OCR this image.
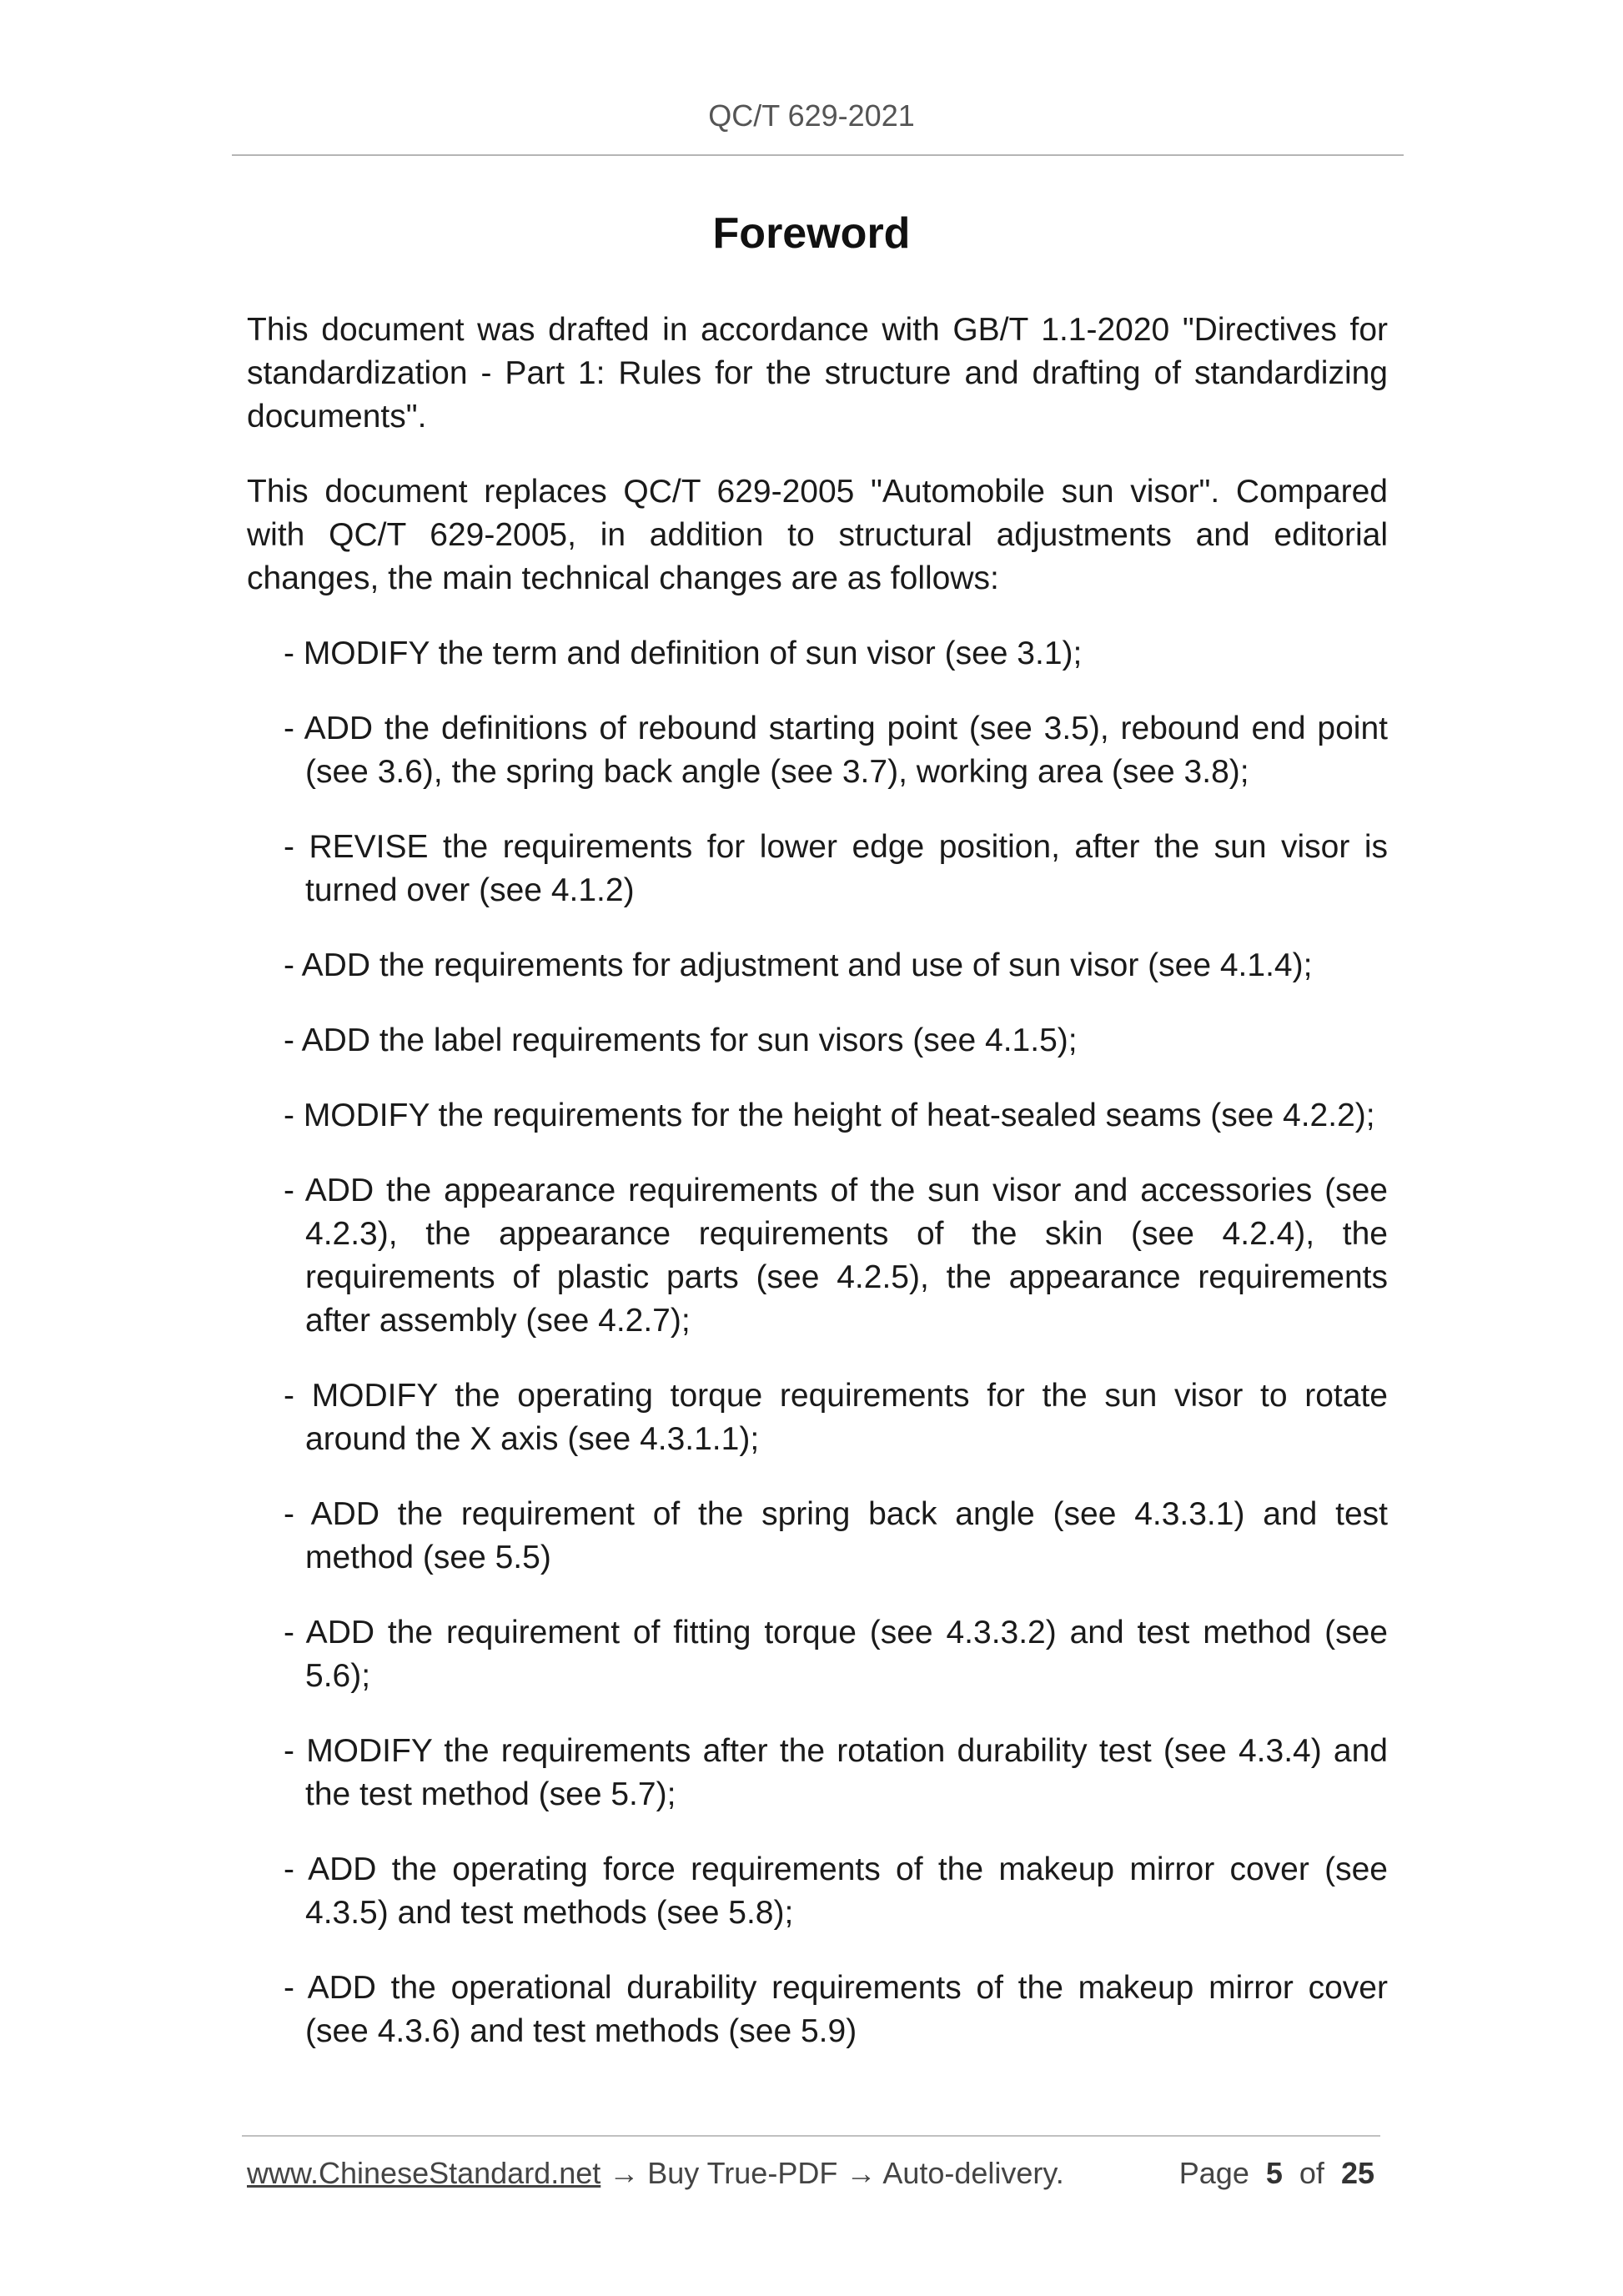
QC/T 629-2021
Foreword

This document was drafted in accordance with GB/T 1.1-2020 "Directives for standardization - Part 1: Rules for the structure and drafting of standardizing documents".

This document replaces QC/T 629-2005 "Automobile sun visor". Compared with QC/T 629-2005, in addition to structural adjustments and editorial changes, the main technical changes are as follows:

- MODIFY the term and definition of sun visor (see 3.1);
- ADD the definitions of rebound starting point (see 3.5), rebound end point (see 3.6), the spring back angle (see 3.7), working area (see 3.8);
- REVISE the requirements for lower edge position, after the sun visor is turned over (see 4.1.2)
- ADD the requirements for adjustment and use of sun visor (see 4.1.4);
- ADD the label requirements for sun visors (see 4.1.5);
- MODIFY the requirements for the height of heat-sealed seams (see 4.2.2);
- ADD the appearance requirements of the sun visor and accessories (see 4.2.3), the appearance requirements of the skin (see 4.2.4), the requirements of plastic parts (see 4.2.5), the appearance requirements after assembly (see 4.2.7);
- MODIFY the operating torque requirements for the sun visor to rotate around the X axis (see 4.3.1.1);
- ADD the requirement of the spring back angle (see 4.3.3.1) and test method (see 5.5)
- ADD the requirement of fitting torque (see 4.3.3.2) and test method (see 5.6);
- MODIFY the requirements after the rotation durability test (see 4.3.4) and the test method (see 5.7);
- ADD the operating force requirements of the makeup mirror cover (see 4.3.5) and test methods (see 5.8);
- ADD the operational durability requirements of the makeup mirror cover (see 4.3.6) and test methods (see 5.9)
www.ChineseStandard.net → Buy True-PDF → Auto-delivery.	Page 5 of 25
